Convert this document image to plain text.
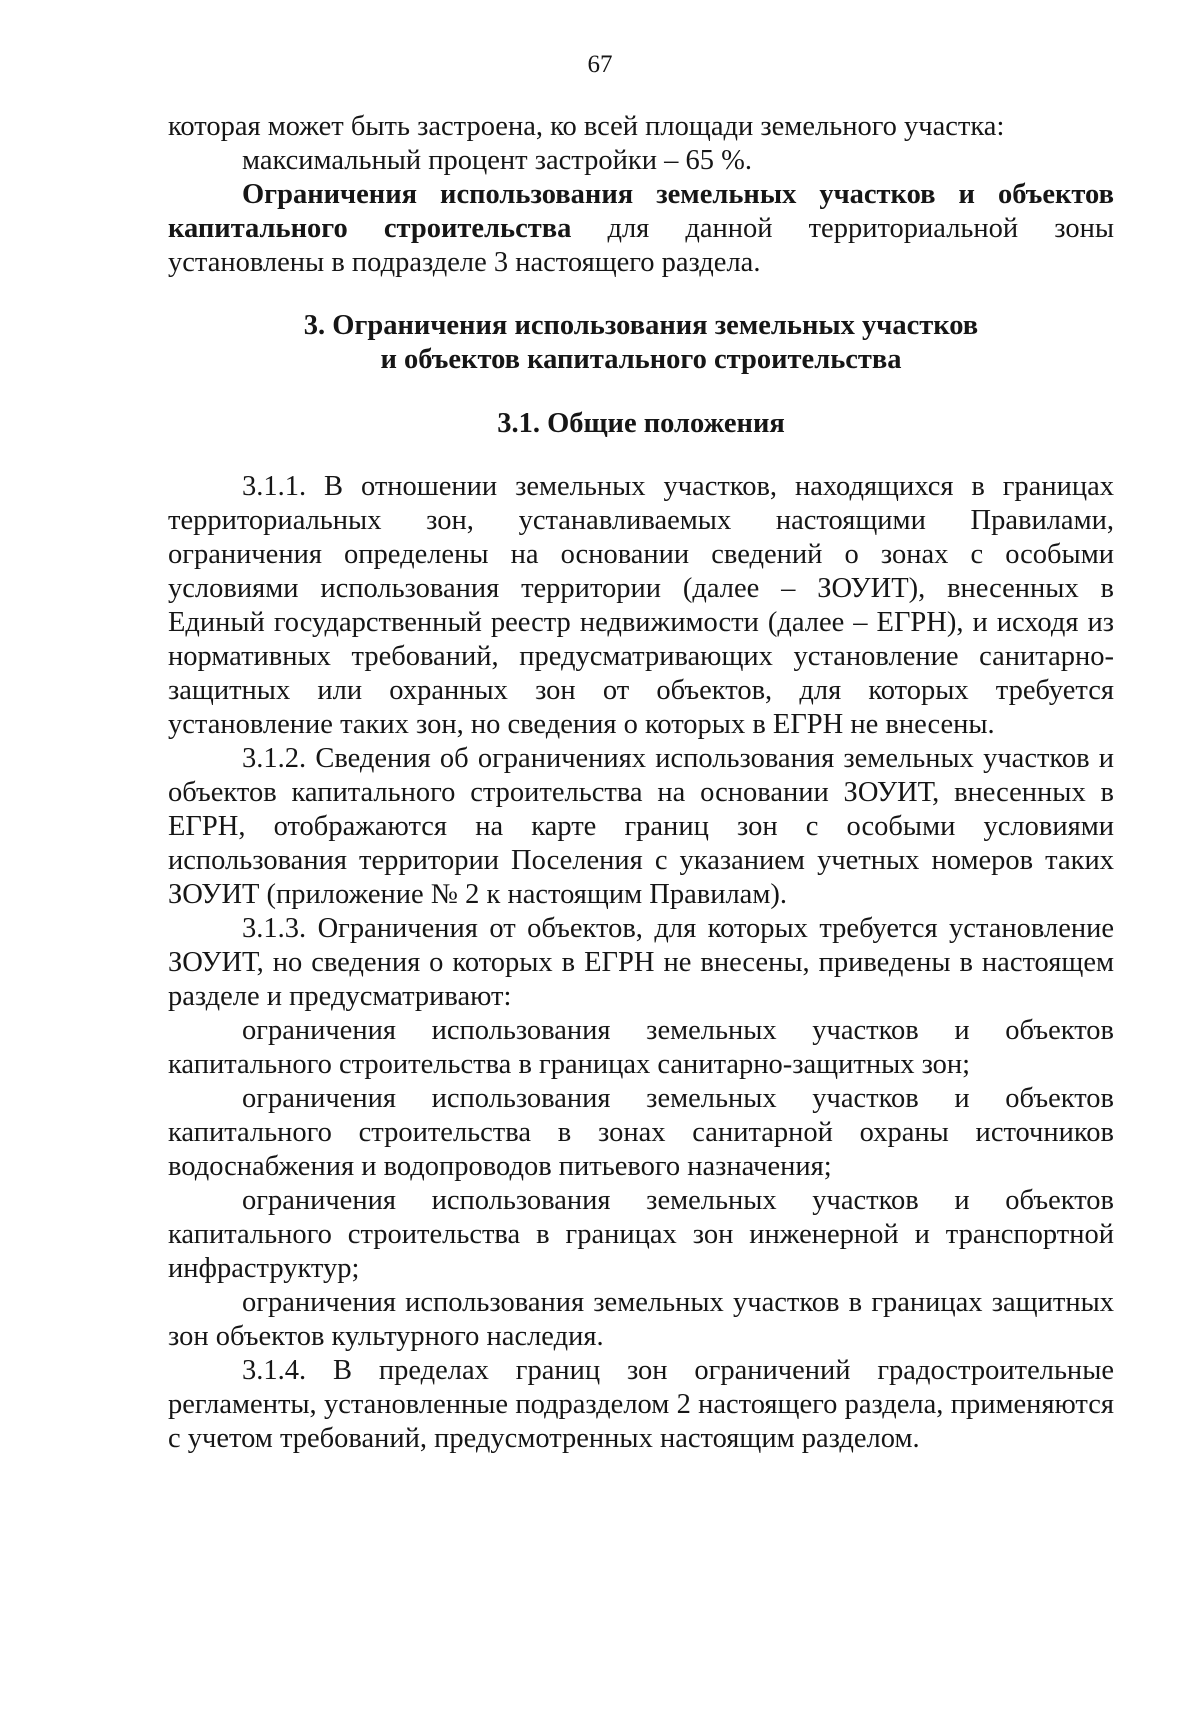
67

которая может быть застроена, ко всей площади земельного участка:

максимальный процент застройки – 65 %.

Ограничения использования земельных участков и объектов капитального строительства для данной территориальной зоны установлены в подразделе 3 настоящего раздела.

3. Ограничения использования земельных участков

и объектов капитального строительства

3.1. Общие положения

3.1.1. В отношении земельных участков, находящихся в границах территориальных зон, устанавливаемых настоящими Правилами, ограничения определены на основании сведений о зонах с особыми условиями использования территории (далее – ЗОУИТ), внесенных в Единый государственный реестр недвижимости (далее – ЕГРН), и исходя из нормативных требований, предусматривающих установление санитарно-защитных или охранных зон от объектов, для которых требуется установление таких зон, но сведения о которых в ЕГРН не внесены.

3.1.2. Сведения об ограничениях использования земельных участков и объектов капитального строительства на основании ЗОУИТ, внесенных в ЕГРН, отображаются на карте границ зон с особыми условиями использования территории Поселения с указанием учетных номеров таких ЗОУИТ (приложение № 2 к настоящим Правилам).

3.1.3. Ограничения от объектов, для которых требуется установление ЗОУИТ, но сведения о которых в ЕГРН не внесены, приведены в настоящем разделе и предусматривают:

ограничения использования земельных участков и объектов капитального строительства в границах санитарно-защитных зон;

ограничения использования земельных участков и объектов капитального строительства в зонах санитарной охраны источников водоснабжения и водопроводов питьевого назначения;

ограничения использования земельных участков и объектов капитального строительства в границах зон инженерной и транспортной инфраструктур;

ограничения использования земельных участков в границах защитных зон объектов культурного наследия.

3.1.4. В пределах границ зон ограничений градостроительные регламенты, установленные подразделом 2 настоящего раздела, применяются с учетом требований, предусмотренных настоящим разделом.
